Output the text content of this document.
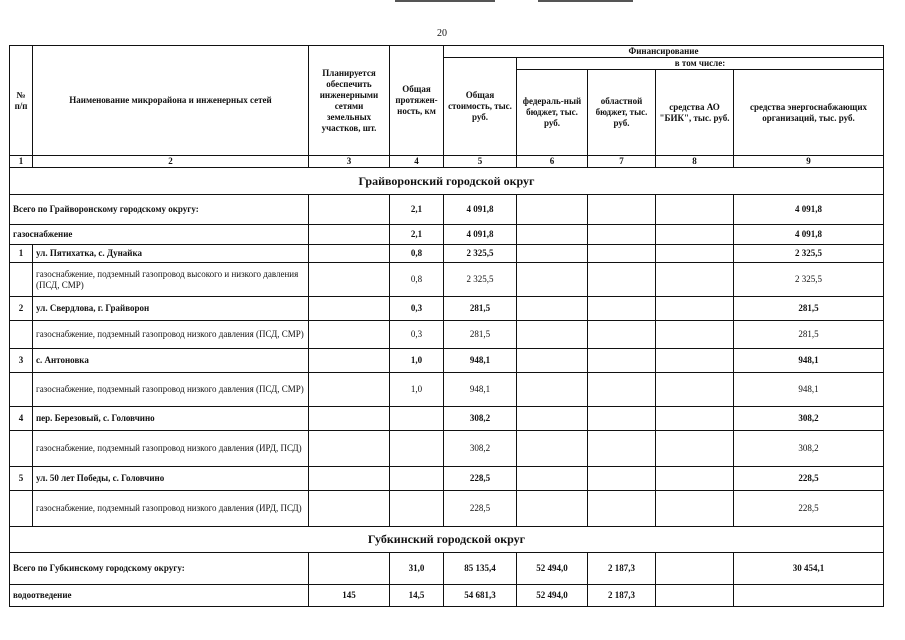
20
№ п/п	Наименование микрорайона и инженерных сетей	Планируется обеспечить инженерными сетями земельных участков, шт.	Общая протяжен-ность, км	Финансирование				
				Общая стоимость, тыс. руб.	в том числе:			
					федераль-ный бюджет, тыс. руб.	областной бюджет, тыс. руб.	средства АО "БИК", тыс. руб.	средства энергоснабжающих организаций, тыс. руб.
1	2	3	4	5	6	7	8	9
Грайворонский городской округ								
Всего по Грайворонскому городскому округу:			2,1	4 091,8				4 091,8
газоснабжение			2,1	4 091,8				4 091,8
1	ул. Пятихатка, с. Дунайка		0,8	2 325,5				2 325,5
	газоснабжение, подземный газопровод высокого и низкого давления (ПСД, СМР)		0,8	2 325,5				2 325,5
2	ул. Свердлова, г. Грайворон		0,3	281,5				281,5
	газоснабжение, подземный газопровод низкого давления (ПСД, СМР)		0,3	281,5				281,5
3	с. Антоновка		1,0	948,1				948,1
	газоснабжение, подземный газопровод низкого давления (ПСД, СМР)		1,0	948,1				948,1
4	пер. Березовый, с. Головчино			308,2				308,2
	газоснабжение, подземный газопровод низкого давления (ИРД, ПСД)			308,2				308,2
5	ул. 50 лет Победы, с. Головчино			228,5				228,5
	газоснабжение, подземный газопровод низкого давления (ИРД, ПСД)			228,5				228,5
Губкинский городской округ								
Всего по Губкинскому городскому округу:			31,0	85 135,4	52 494,0	2 187,3		30 454,1
водоотведение		145	14,5	54 681,3	52 494,0	2 187,3		
